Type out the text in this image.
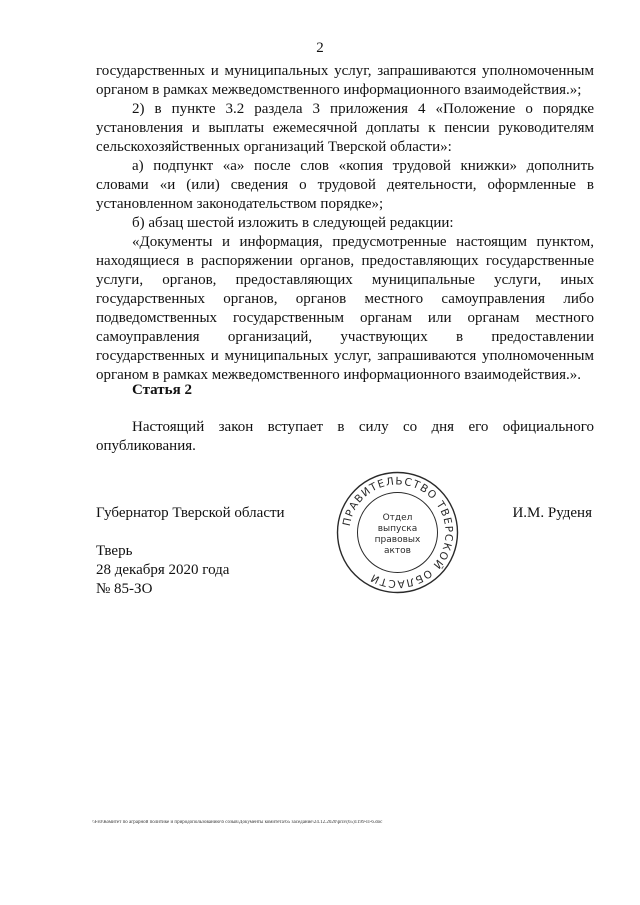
2

государственных и муниципальных услуг, запрашиваются уполномоченным органом в рамках межведомственного информационного взаимодействия.»;

2) в пункте 3.2 раздела 3 приложения 4 «Положение о порядке установления и выплаты ежемесячной доплаты к пенсии руководителям сельскохозяйственных организаций Тверской области»:

а) подпункт «а» после слов «копия трудовой книжки» дополнить словами «и (или) сведения о трудовой деятельности, оформленные в установленном законодательством порядке»;

б) абзац шестой изложить в следующей редакции:

«Документы и информация, предусмотренные настоящим пунктом, находящиеся в распоряжении органов, предоставляющих государственные услуги, органов, предоставляющих муниципальные услуги, иных государственных органов, органов местного самоуправления либо подведомственных государственным органам или органам местного самоуправления организаций, участвующих в предоставлении государственных и муниципальных услуг, запрашиваются уполномоченным органом в рамках межведомственного информационного взаимодействия.».

Статья 2
Настоящий закон вступает в силу со дня его официального опубликования.
Губернатор Тверской области	И.М. Руденя
Тверь
28 декабря 2020 года
№ 85-ЗО
ПРАВИТЕЛЬСТВО ТВЕРСКОЙ ОБЛАСТИ
Отдел
выпуска
правовых
актов
\\Fs0\Комитет по аграрной политике и природопользованию\6 созыв\Документы комитета\65 заседание\24.12.2020\рпз\(65)1199-П-6.doc
